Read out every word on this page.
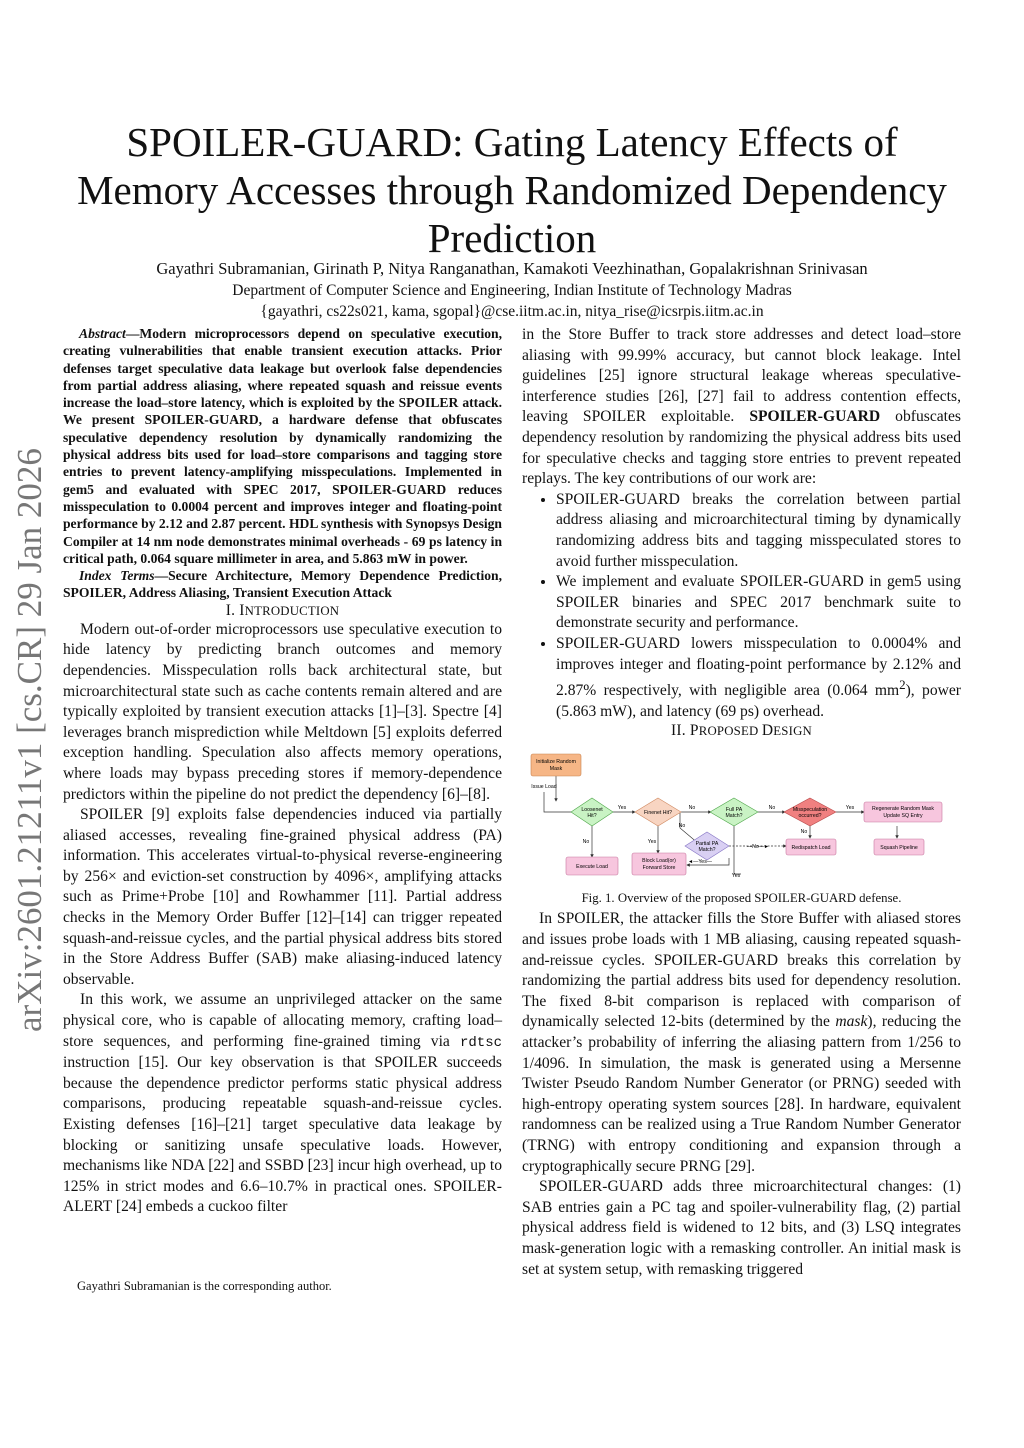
arXiv:2601.21211v1 [cs.CR] 29 Jan 2026
SPOILER-GUARD: Gating Latency Effects of
Memory Accesses through Randomized Dependency
Prediction
Gayathri Subramanian, Girinath P, Nitya Ranganathan, Kamakoti Veezhinathan, Gopalakrishnan Srinivasan
Department of Computer Science and Engineering, Indian Institute of Technology Madras
{gayathri, cs22s021, kama, sgopal}@cse.iitm.ac.in, nitya_rise@icsrpis.iitm.ac.in

Abstract—Modern microprocessors depend on speculative execution, creating vulnerabilities that enable transient execution attacks. Prior defenses target speculative data leakage but overlook false dependencies from partial address aliasing, where repeated squash and reissue events increase the load–store latency, which is exploited by the SPOILER attack. We present SPOILER-GUARD, a hardware defense that obfuscates speculative dependency resolution by dynamically randomizing the physical address bits used for load–store comparisons and tagging store entries to prevent latency-amplifying misspeculations. Implemented in gem5 and evaluated with SPEC 2017, SPOILER-GUARD reduces misspeculation to 0.0004 percent and improves integer and floating-point performance by 2.12 and 2.87 percent. HDL synthesis with Synopsys Design Compiler at 14 nm node demonstrates minimal overheads - 69 ps latency in critical path, 0.064 square millimeter in area, and 5.863 mW in power.

Index Terms—Secure Architecture, Memory Dependence Prediction, SPOILER, Address Aliasing, Transient Execution Attack

I. INTRODUCTION

Modern out-of-order microprocessors use speculative execution to hide latency by predicting branch outcomes and memory dependencies. Misspeculation rolls back architectural state, but microarchitectural state such as cache contents remain altered and are typically exploited by transient execution attacks [1]–[3]. Spectre [4] leverages branch misprediction while Meltdown [5] exploits deferred exception handling. Speculation also affects memory operations, where loads may bypass preceding stores if memory-dependence predictors within the pipeline do not predict the dependency [6]–[8].

SPOILER [9] exploits false dependencies induced via partially aliased accesses, revealing fine-grained physical address (PA) information. This accelerates virtual-to-physical reverse-engineering by 256× and eviction-set construction by 4096×, amplifying attacks such as Prime+Probe [10] and Rowhammer [11]. Partial address checks in the Memory Order Buffer [12]–[14] can trigger repeated squash-and-reissue cycles, and the partial physical address bits stored in the Store Address Buffer (SAB) make aliasing-induced latency observable.

In this work, we assume an unprivileged attacker on the same physical core, who is capable of allocating memory, crafting load–store sequences, and performing fine-grained timing via rdtsc instruction [15]. Our key observation is that SPOILER succeeds because the dependence predictor performs static physical address comparisons, producing repeatable squash-and-reissue cycles. Existing defenses [16]–[21] target speculative data leakage by blocking or sanitizing unsafe speculative loads. However, mechanisms like NDA [22] and SSBD [23] incur high overhead, up to 125% in strict modes and 6.6–10.7% in practical ones. SPOILER-ALERT [24] embeds a cuckoo filter

Gayathri Subramanian is the corresponding author.

in the Store Buffer to track store addresses and detect load–store aliasing with 99.99% accuracy, but cannot block leakage. Intel guidelines [25] ignore structural leakage whereas speculative-interference studies [26], [27] fail to address contention effects, leaving SPOILER exploitable. SPOILER-GUARD obfuscates dependency resolution by randomizing the physical address bits used for speculative checks and tagging store entries to prevent repeated replays. The key contributions of our work are:

• SPOILER-GUARD breaks the correlation between partial address aliasing and microarchitectural timing by dynamically randomizing address bits and tagging misspeculated stores to avoid further misspeculation.
• We implement and evaluate SPOILER-GUARD in gem5 using SPOILER binaries and SPEC 2017 benchmark suite to demonstrate security and performance.
• SPOILER-GUARD lowers misspeculation to 0.0004% and improves integer and floating-point performance by 2.12% and 2.87% respectively, with negligible area (0.064 $mm^2$), power (5.863 mW), and latency (69 ps) overhead.

II. PROPOSED DESIGN

Initialize Random
Mask
Issue Load
Loosenet
Hit?
Yes
No
Finenet Hit?
No
Yes
No
Full PA
Match?
No	Misspeculation
occurred?
Yes
No
Regenerate Random Mask
Update SQ Entry
Partial PA
Match?	—No—►	Redispatch Load	Squash Pipeline
Execute Load
Block Load(or)
Forward Store
◄—Yes—
Yes
Fig. 1. Overview of the proposed SPOILER-GUARD defense.

In SPOILER, the attacker fills the Store Buffer with aliased stores and issues probe loads with 1 MB aliasing, causing repeated squash-and-reissue cycles. SPOILER-GUARD breaks this correlation by randomizing the partial address bits used for dependency resolution. The fixed 8-bit comparison is replaced with comparison of dynamically selected 12-bits (determined by the mask), reducing the attacker’s probability of inferring the aliasing pattern from 1/256 to 1/4096. In simulation, the mask is generated using a Mersenne Twister Pseudo Random Number Generator (or PRNG) seeded with high-entropy operating system sources [28]. In hardware, equivalent randomness can be realized using a True Random Number Generator (TRNG) with entropy conditioning and expansion through a cryptographically secure PRNG [29].

SPOILER-GUARD adds three microarchitectural changes: (1) SAB entries gain a PC tag and spoiler-vulnerability flag, (2) partial physical address field is widened to 12 bits, and (3) LSQ integrates mask-generation logic with a remasking controller. An initial mask is set at system setup, with remasking triggered
